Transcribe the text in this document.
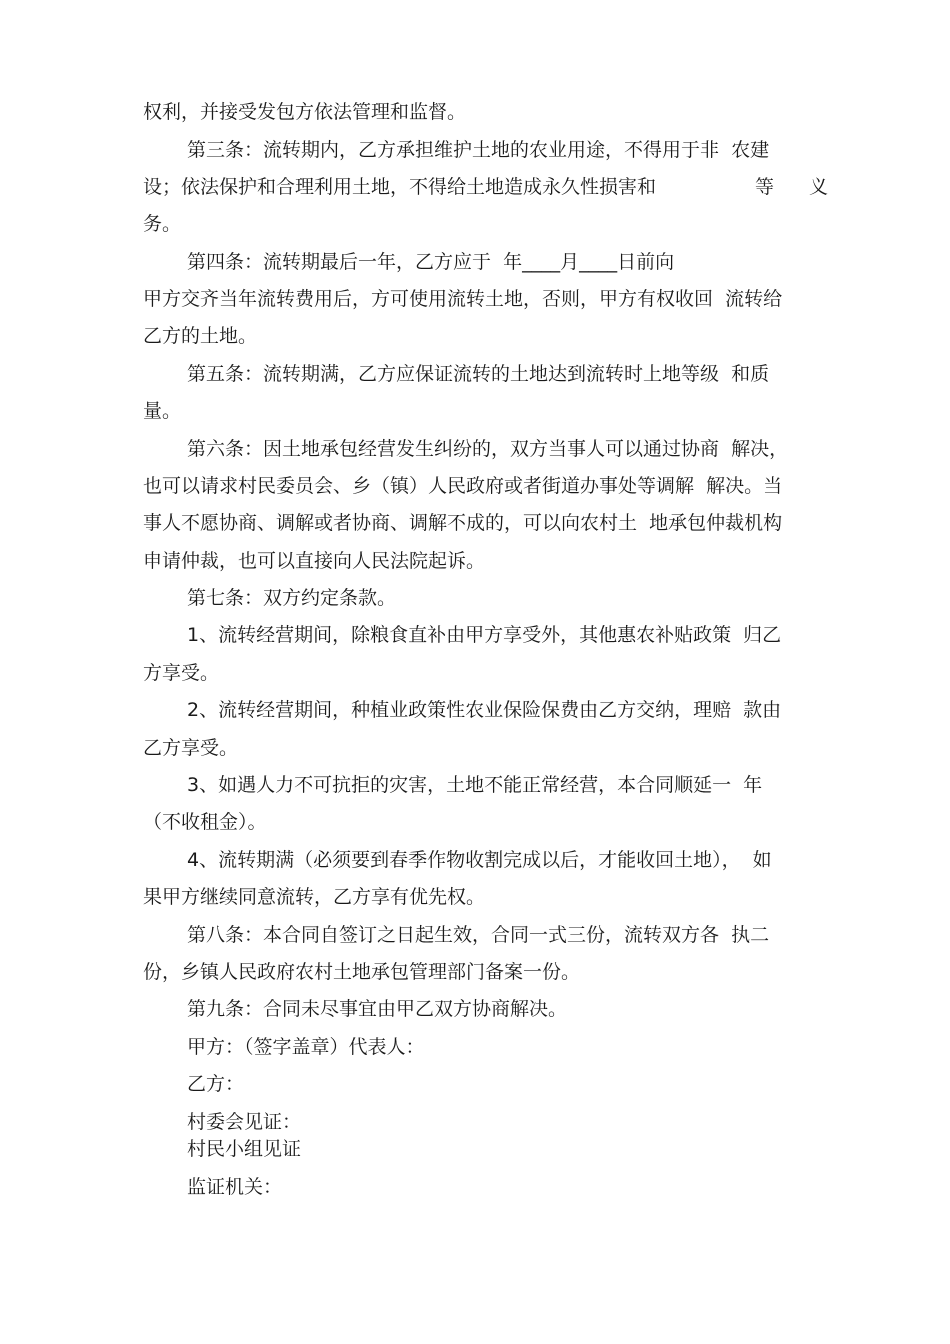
权利，并接受发包方依法管理和监督。
第三条：流转期内，乙方承担维护土地的农业用途，不得用于非  农建
设；依法保护和合理利用土地，不得给土地造成永久性损害和	等 义
务。
第四条：流转期最后一年，乙方应于  年____月____日前向
甲方交齐当年流转费用后，方可使用流转土地，否则，甲方有权收回  流转给
乙方的土地。
第五条：流转期满，乙方应保证流转的土地达到流转时上地等级  和质
量。
第六条：因土地承包经营发生纠纷的，双方当事人可以通过协商  解决，
也可以请求村民委员会、乡（镇）人民政府或者街道办事处等调解  解决。当
事人不愿协商、调解或者协商、调解不成的，可以向农村土  地承包仲裁机构
申请仲裁，也可以直接向人民法院起诉。
第七条：双方约定条款。
1、流转经营期间，除粮食直补由甲方享受外，其他惠农补贴政策  归乙
方享受。
2、流转经营期间，种植业政策性农业保险保费由乙方交纳，理赔  款由
乙方享受。
3、如遇人力不可抗拒的灾害，土地不能正常经营，本合同顺延一  年
（不收租金）。
4、流转期满（必须要到春季作物收割完成以后，才能收回土地），  如
果甲方继续同意流转，乙方享有优先权。
第八条：本合同自签订之日起生效，合同一式三份，流转双方各  执二
份，乡镇人民政府农村土地承包管理部门备案一份。
第九条：合同未尽事宜由甲乙双方协商解决。
甲方：（签字盖章）代表人：
乙方：
村委会见证：
村民小组见证
监证机关：
